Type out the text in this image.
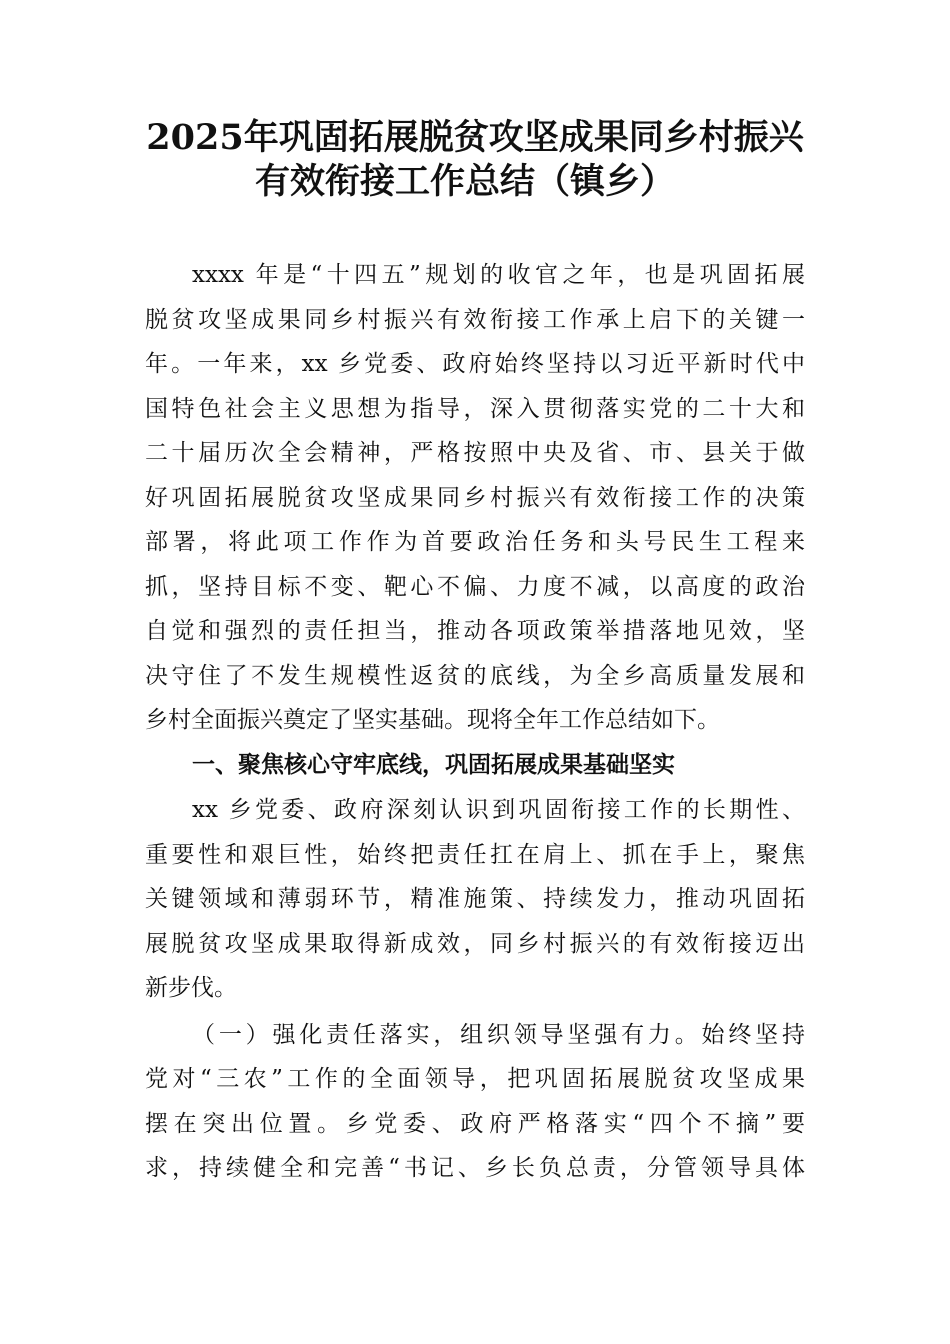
2025年巩固拓展脱贫攻坚成果同乡村振兴
有效衔接工作总结（镇乡）
xxxx 年是“十四五”规划的收官之年，也是巩固拓展
脱贫攻坚成果同乡村振兴有效衔接工作承上启下的关键一
年。一年来，xx 乡党委、政府始终坚持以习近平新时代中
国特色社会主义思想为指导，深入贯彻落实党的二十大和
二十届历次全会精神，严格按照中央及省、市、县关于做
好巩固拓展脱贫攻坚成果同乡村振兴有效衔接工作的决策
部署，将此项工作作为首要政治任务和头号民生工程来
抓，坚持目标不变、靶心不偏、力度不减，以高度的政治
自觉和强烈的责任担当，推动各项政策举措落地见效，坚
决守住了不发生规模性返贫的底线，为全乡高质量发展和
乡村全面振兴奠定了坚实基础。现将全年工作总结如下。
一、聚焦核心守牢底线，巩固拓展成果基础坚实
xx 乡党委、政府深刻认识到巩固衔接工作的长期性、
重要性和艰巨性，始终把责任扛在肩上、抓在手上，聚焦
关键领域和薄弱环节，精准施策、持续发力，推动巩固拓
展脱贫攻坚成果取得新成效，同乡村振兴的有效衔接迈出
新步伐。
（一）强化责任落实，组织领导坚强有力。始终坚持
党对“三农”工作的全面领导，把巩固拓展脱贫攻坚成果
摆在突出位置。乡党委、政府严格落实“四个不摘”要
求，持续健全和完善“书记、乡长负总责，分管领导具体
